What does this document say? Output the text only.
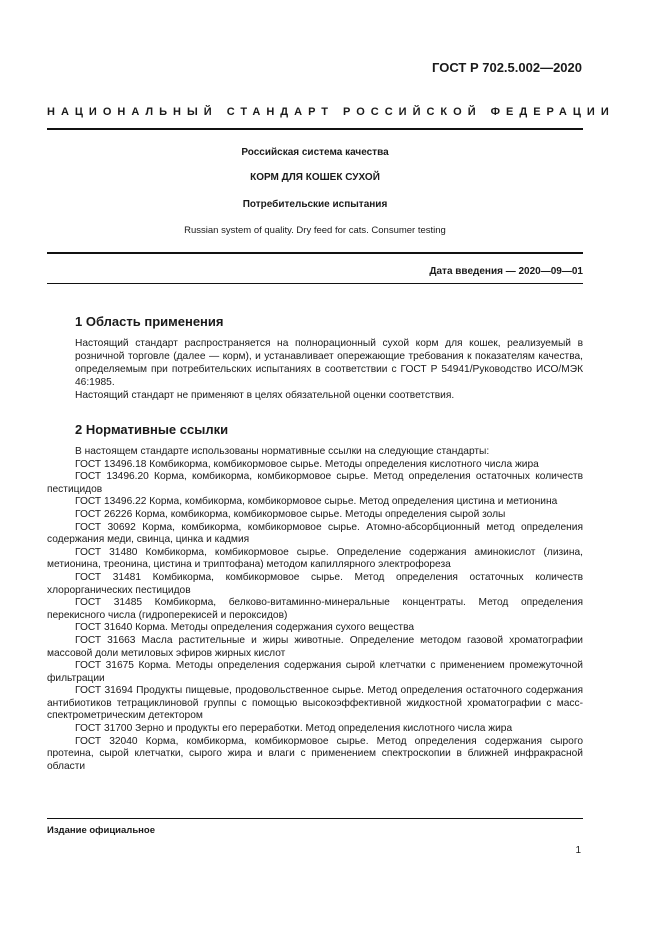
ГОСТ Р 702.5.002—2020
НАЦИОНАЛЬНЫЙ СТАНДАРТ РОССИЙСКОЙ ФЕДЕРАЦИИ
Российская система качества
КОРМ ДЛЯ КОШЕК СУХОЙ
Потребительские испытания
Russian system of quality. Dry feed for cats. Consumer testing
Дата введения — 2020—09—01
1 Область применения

Настоящий стандарт распространяется на полнорационный сухой корм для кошек, реализуемый в розничной торговле (далее — корм), и устанавливает опережающие требования к показателям качества, определяемым при потребительских испытаниях в соответствии с ГОСТ Р 54941/Руководство ИСО/МЭК 46:1985.

Настоящий стандарт не применяют в целях обязательной оценки соответствия.

2 Нормативные ссылки

В настоящем стандарте использованы нормативные ссылки на следующие стандарты:

ГОСТ 13496.18 Комбикорма, комбикормовое сырье. Методы определения кислотного числа жира

ГОСТ 13496.20 Корма, комбикорма, комбикормовое сырье. Метод определения остаточных количеств пестицидов

ГОСТ 13496.22 Корма, комбикорма, комбикормовое сырье. Метод определения цистина и метионина

ГОСТ 26226 Корма, комбикорма, комбикормовое сырье. Методы определения сырой золы

ГОСТ 30692 Корма, комбикорма, комбикормовое сырье. Атомно-абсорбционный метод определения содержания меди, свинца, цинка и кадмия

ГОСТ 31480 Комбикорма, комбикормовое сырье. Определение содержания аминокислот (лизина, метионина, треонина, цистина и триптофана) методом капиллярного электрофореза

ГОСТ 31481 Комбикорма, комбикормовое сырье. Метод определения остаточных количеств хлорорганических пестицидов

ГОСТ 31485 Комбикорма, белково-витаминно-минеральные концентраты. Метод определения перекисного числа (гидроперекисей и пероксидов)

ГОСТ 31640 Корма. Методы определения содержания сухого вещества

ГОСТ 31663 Масла растительные и жиры животные. Определение методом газовой хроматографии массовой доли метиловых эфиров жирных кислот

ГОСТ 31675 Корма. Методы определения содержания сырой клетчатки с применением промежуточной фильтрации

ГОСТ 31694 Продукты пищевые, продовольственное сырье. Метод определения остаточного содержания антибиотиков тетрациклиновой группы с помощью высокоэффективной жидкостной хроматографии с масс-спектрометрическим детектором

ГОСТ 31700 Зерно и продукты его переработки. Метод определения кислотного числа жира

ГОСТ 32040 Корма, комбикорма, комбикормовое сырье. Метод определения содержания сырого протеина, сырой клетчатки, сырого жира и влаги с применением спектроскопии в ближней инфракрасной области

Издание официальное
1
